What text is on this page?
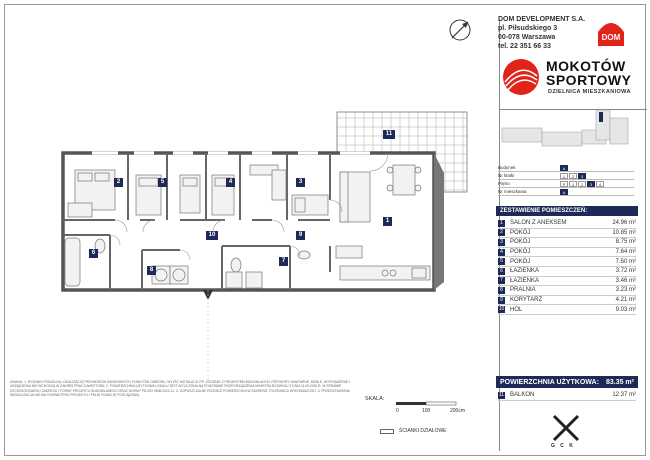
1
2	3
4
5
6
7
8
9
10
11
DOM DEVELOPMENT S.A.
pl. Piłsudskiego 3
00-078 Warszawa
tel. 22 351 66 33
DOM
MOKOTÓW
SPORTOWY
DZIELNICA MIESZKANIOWA
Budynek	A
Nr klatki	1	2	3
Piętro	P	1	2	3	4
Nr mieszkania	A
ZESTAWIENIE POMIESZCZEŃ:
1	SALON Z ANEKSEM	24.96 m²
2	POKÓJ	10.85 m²
3	POKÓJ	8.75 m²
4	POKÓJ	7.64 m²
5	POKÓJ	7.50 m²
6	ŁAZIENKA	3.72 m²
7	ŁAZIENKA	3.46 m²
8	PRALNIA	3.23 m²
9	KORYTARZ	4.21 m²
10 HOL	9.03 m²
POWIERZCHNIA UŻYTKOWA: 83.35 m²
11 BALKON	12.37 m²
G C K
UWAGA: 1. RYSUNKI POKAZUJĄ LOKALIZACJĘ PRZYBORÓW SANITARNYCH, PUNKTÓW ODBIORU, WYJŚĆ INSTALACJI ITP. ZGODNIE Z PROJEKTEM BUDOWLANYM. PRZYBORY SANITARNE, MEBLE, WYPOSAŻENIE I URZĄDZENIA NIE WCHODZĄ W ZAKRES PRAC INWESTORA. 2. POWIERZCHNIA UŻYTKOWA LOKALU JEST WYLICZONA NA PODSTAWIE ROZPORZĄDZENIA MINISTRA ROZWOJU Z DNIA 11.09.2020 R. W SPRAWIE SZCZEGÓŁOWEGO ZAKRESU I FORMY PROJEKTU BUDOWLANEGO ORAZ NORMY PN-ISO 9836:2022-11. 3. DOPUSZCZALNE RÓŻNICE POWIERZCHNI W ZAKRESIE TOLERANCJI WYKONAWCZEJ. 4. PRZEDSTAWIONA WIZUALIZACJA NIE MA CHARAKTERU PROJEKTU I PEŁNI FUNKCJĘ POGLĄDOWĄ.
SKALA:
0	100	200cm
ŚCIANKI DZIAŁOWE
